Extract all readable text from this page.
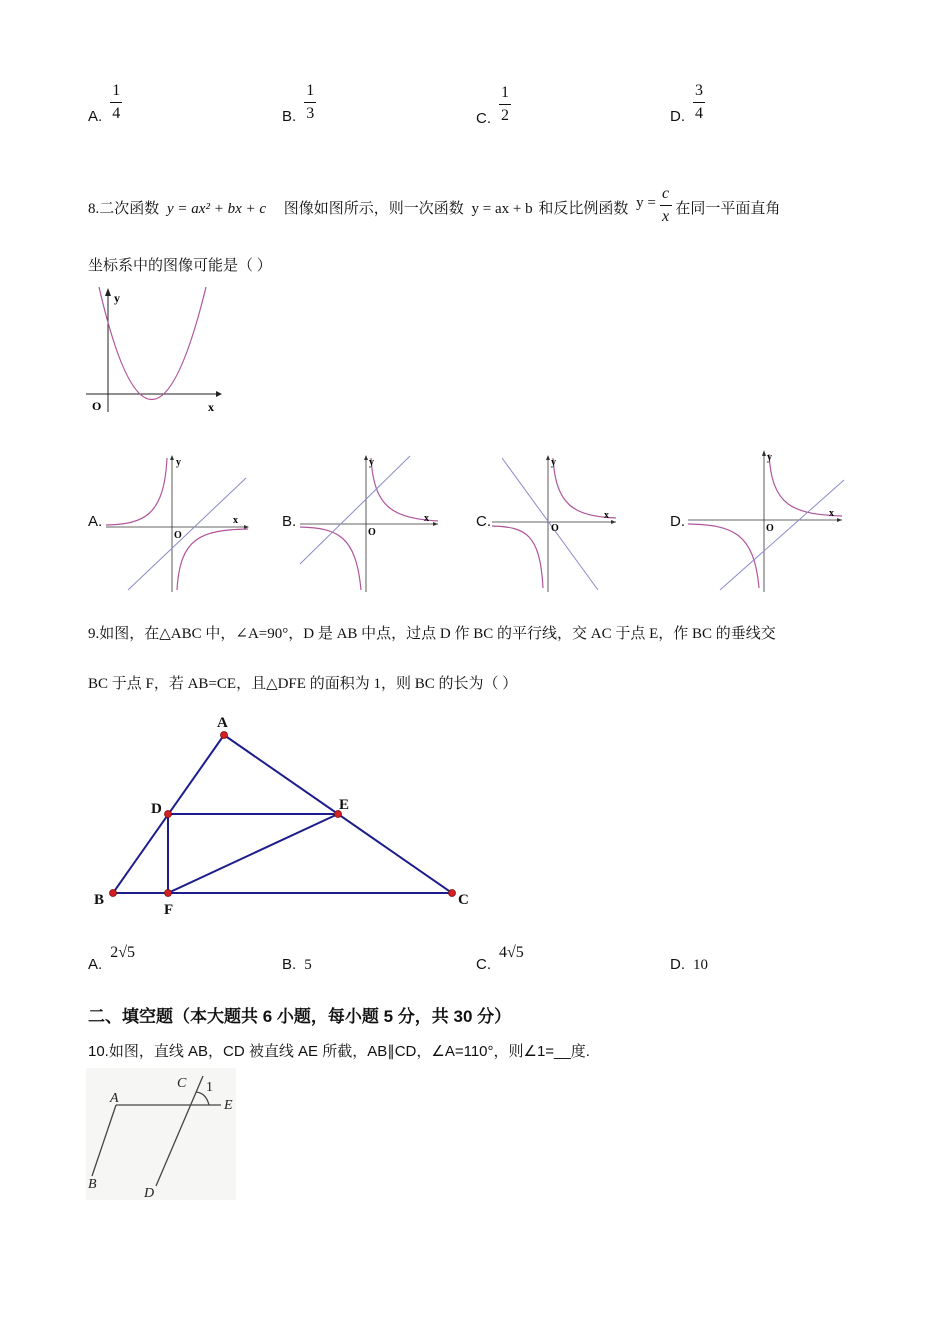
A. $\frac{1}{4}$	B. $\frac{1}{3}$	C. $\frac{1}{2}$	D. $\frac{3}{4}$
8.二次函数 y = ax² + bx + c 图像如图所示，则一次函数 y = ax + b 和反比例函数 $y = \frac{c}{x}$ 在同一平面直角
坐标系中的图像可能是（ ）
y
x
O
A.
y
x
O
B.
y
x
O
C.
y
x
O	D.
y
x
O
9.如图，在△ABC 中，∠A=90°，D 是 AB 中点，过点 D 作 BC 的平行线，交 AC 于点 E，作 BC 的垂线交
BC 于点 F，若 AB=CE，且△DFE 的面积为 1，则 BC 的长为（ ）
A
B	C
D	E
F
A. 2√5
B. 5	C. 4√5
D. 10
二、填空题（本大题共 6 小题，每小题 5 分，共 30 分）
10.如图，直线 AB，CD 被直线 AE 所截，AB∥CD，∠A=110°，则∠1=__度.
A
B
C
D
E
1
